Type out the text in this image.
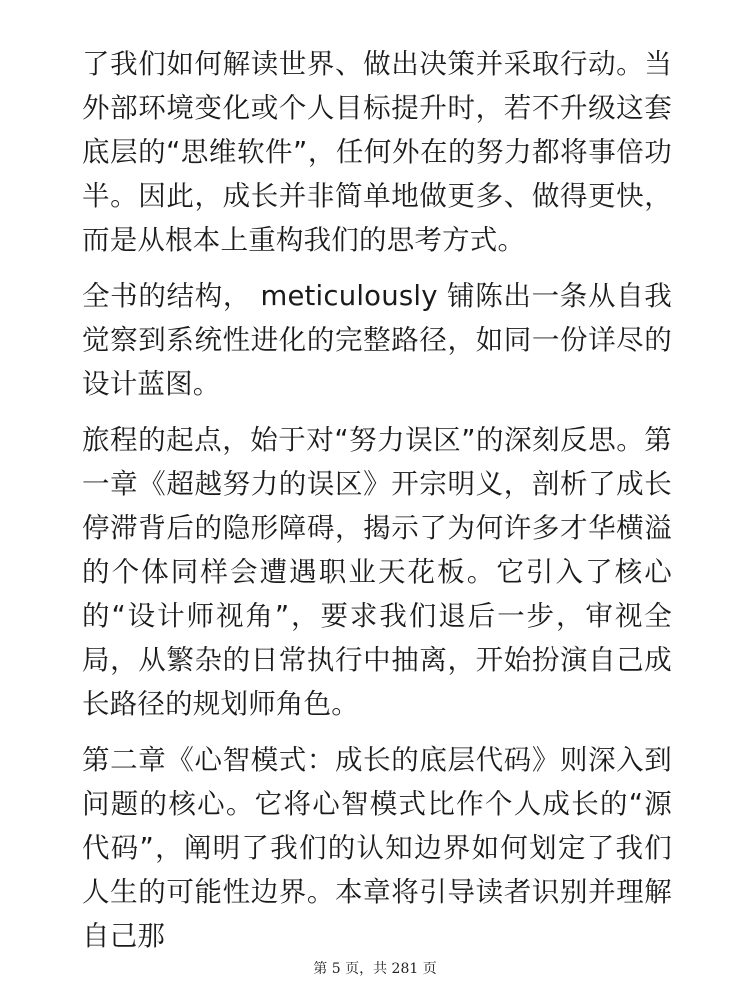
了我们如何解读世界、做出决策并采取行动。当外部环境变化或个人目标提升时，若不升级这套底层的“思维软件”，任何外在的努力都将事倍功半。因此，成长并非简单地做更多、做得更快，而是从根本上重构我们的思考方式。

全书的结构， meticulously 铺陈出一条从自我觉察到系统性进化的完整路径，如同一份详尽的设计蓝图。

旅程的起点，始于对“努力误区”的深刻反思。第一章《超越努力的误区》开宗明义，剖析了成长停滞背后的隐形障碍，揭示了为何许多才华横溢的个体同样会遭遇职业天花板。它引入了核心的“设计师视角”，要求我们退后一步，审视全局，从繁杂的日常执行中抽离，开始扮演自己成长路径的规划师角色。

第二章《心智模式：成长的底层代码》则深入到问题的核心。它将心智模式比作个人成长的“源代码”，阐明了我们的认知边界如何划定了我们人生的可能性边界。本章将引导读者识别并理解自己那

第 5 页，共 281 页
